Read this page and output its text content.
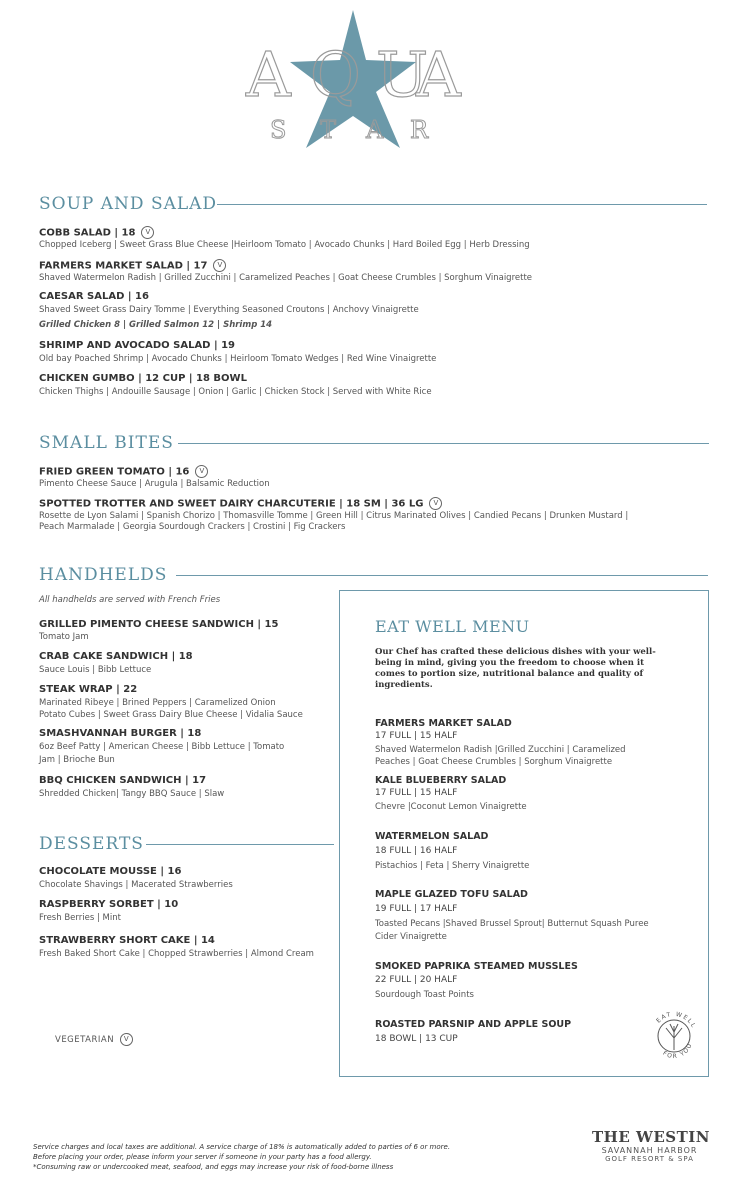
A Q U
A
S T A R
SOUP AND SALAD
COBB SALAD | 18 V
Chopped Iceberg | Sweet Grass Blue Cheese |Heirloom Tomato | Avocado Chunks | Hard Boiled Egg | Herb Dressing
FARMERS MARKET SALAD | 17 V
Shaved Watermelon Radish | Grilled Zucchini | Caramelized Peaches | Goat Cheese Crumbles | Sorghum Vinaigrette
CAESAR SALAD | 16
Shaved Sweet Grass Dairy Tomme | Everything Seasoned Croutons | Anchovy Vinaigrette
Grilled Chicken 8 | Grilled Salmon 12 | Shrimp 14
SHRIMP AND AVOCADO SALAD | 19
Old bay Poached Shrimp | Avocado Chunks | Heirloom Tomato Wedges | Red Wine Vinaigrette
CHICKEN GUMBO | 12 CUP | 18 BOWL
Chicken Thighs | Andouille Sausage | Onion | Garlic | Chicken Stock | Served with White Rice
SMALL BITES
FRIED GREEN TOMATO | 16 V
Pimento Cheese Sauce | Arugula | Balsamic Reduction
SPOTTED TROTTER AND SWEET DAIRY CHARCUTERIE | 18 SM | 36 LG V
Rosette de Lyon Salami | Spanish Chorizo | Thomasville Tomme | Green Hill | Citrus Marinated Olives | Candied Pecans | Drunken Mustard |
Peach Marmalade | Georgia Sourdough Crackers | Crostini | Fig Crackers
HANDHELDS
All handhelds are served with French Fries
GRILLED PIMENTO CHEESE SANDWICH | 15
Tomato Jam
CRAB CAKE SANDWICH | 18
Sauce Louis | Bibb Lettuce
STEAK WRAP | 22
Marinated Ribeye | Brined Peppers | Caramelized Onion
Potato Cubes | Sweet Grass Dairy Blue Cheese | Vidalia Sauce
SMASHVANNAH BURGER | 18
6oz Beef Patty | American Cheese | Bibb Lettuce | Tomato
Jam | Brioche Bun
BBQ CHICKEN SANDWICH | 17
Shredded Chicken| Tangy BBQ Sauce | Slaw
DESSERTS
CHOCOLATE MOUSSE | 16
Chocolate Shavings | Macerated Strawberries
RASPBERRY SORBET | 10
Fresh Berries | Mint
STRAWBERRY SHORT CAKE | 14
Fresh Baked Short Cake | Chopped Strawberries | Almond Cream
VEGETARIAN V
EAT WELL MENU
Our Chef has crafted these delicious dishes with your well-being in mind, giving you the freedom to choose when it comes to portion size, nutritional balance and quality of ingredients.
FARMERS MARKET SALAD
17 FULL | 15 HALF
Shaved Watermelon Radish |Grilled Zucchini | Caramelized
Peaches | Goat Cheese Crumbles | Sorghum Vinaigrette
KALE BLUEBERRY SALAD
17 FULL | 15 HALF
Chevre |Coconut Lemon Vinaigrette
WATERMELON SALAD
18 FULL | 16 HALF
Pistachios | Feta | Sherry Vinaigrette
MAPLE GLAZED TOFU SALAD
19 FULL | 17 HALF
Toasted Pecans |Shaved Brussel Sprout| Butternut Squash Puree
Cider Vinaigrette
SMOKED PAPRIKA STEAMED MUSSLES
22 FULL | 20 HALF
Sourdough Toast Points
ROASTED PARSNIP AND APPLE SOUP
18 BOWL | 13 CUP
EAT WELL
FOR YOU
Service charges and local taxes are additional. A service charge of 18% is automatically added to parties of 6 or more.
Before placing your order, please inform your server if someone in your party has a food allergy.
*Consuming raw or undercooked meat, seafood, and eggs may increase your risk of food-borne illness
THE WESTIN
SAVANNAH HARBOR
GOLF RESORT & SPA
